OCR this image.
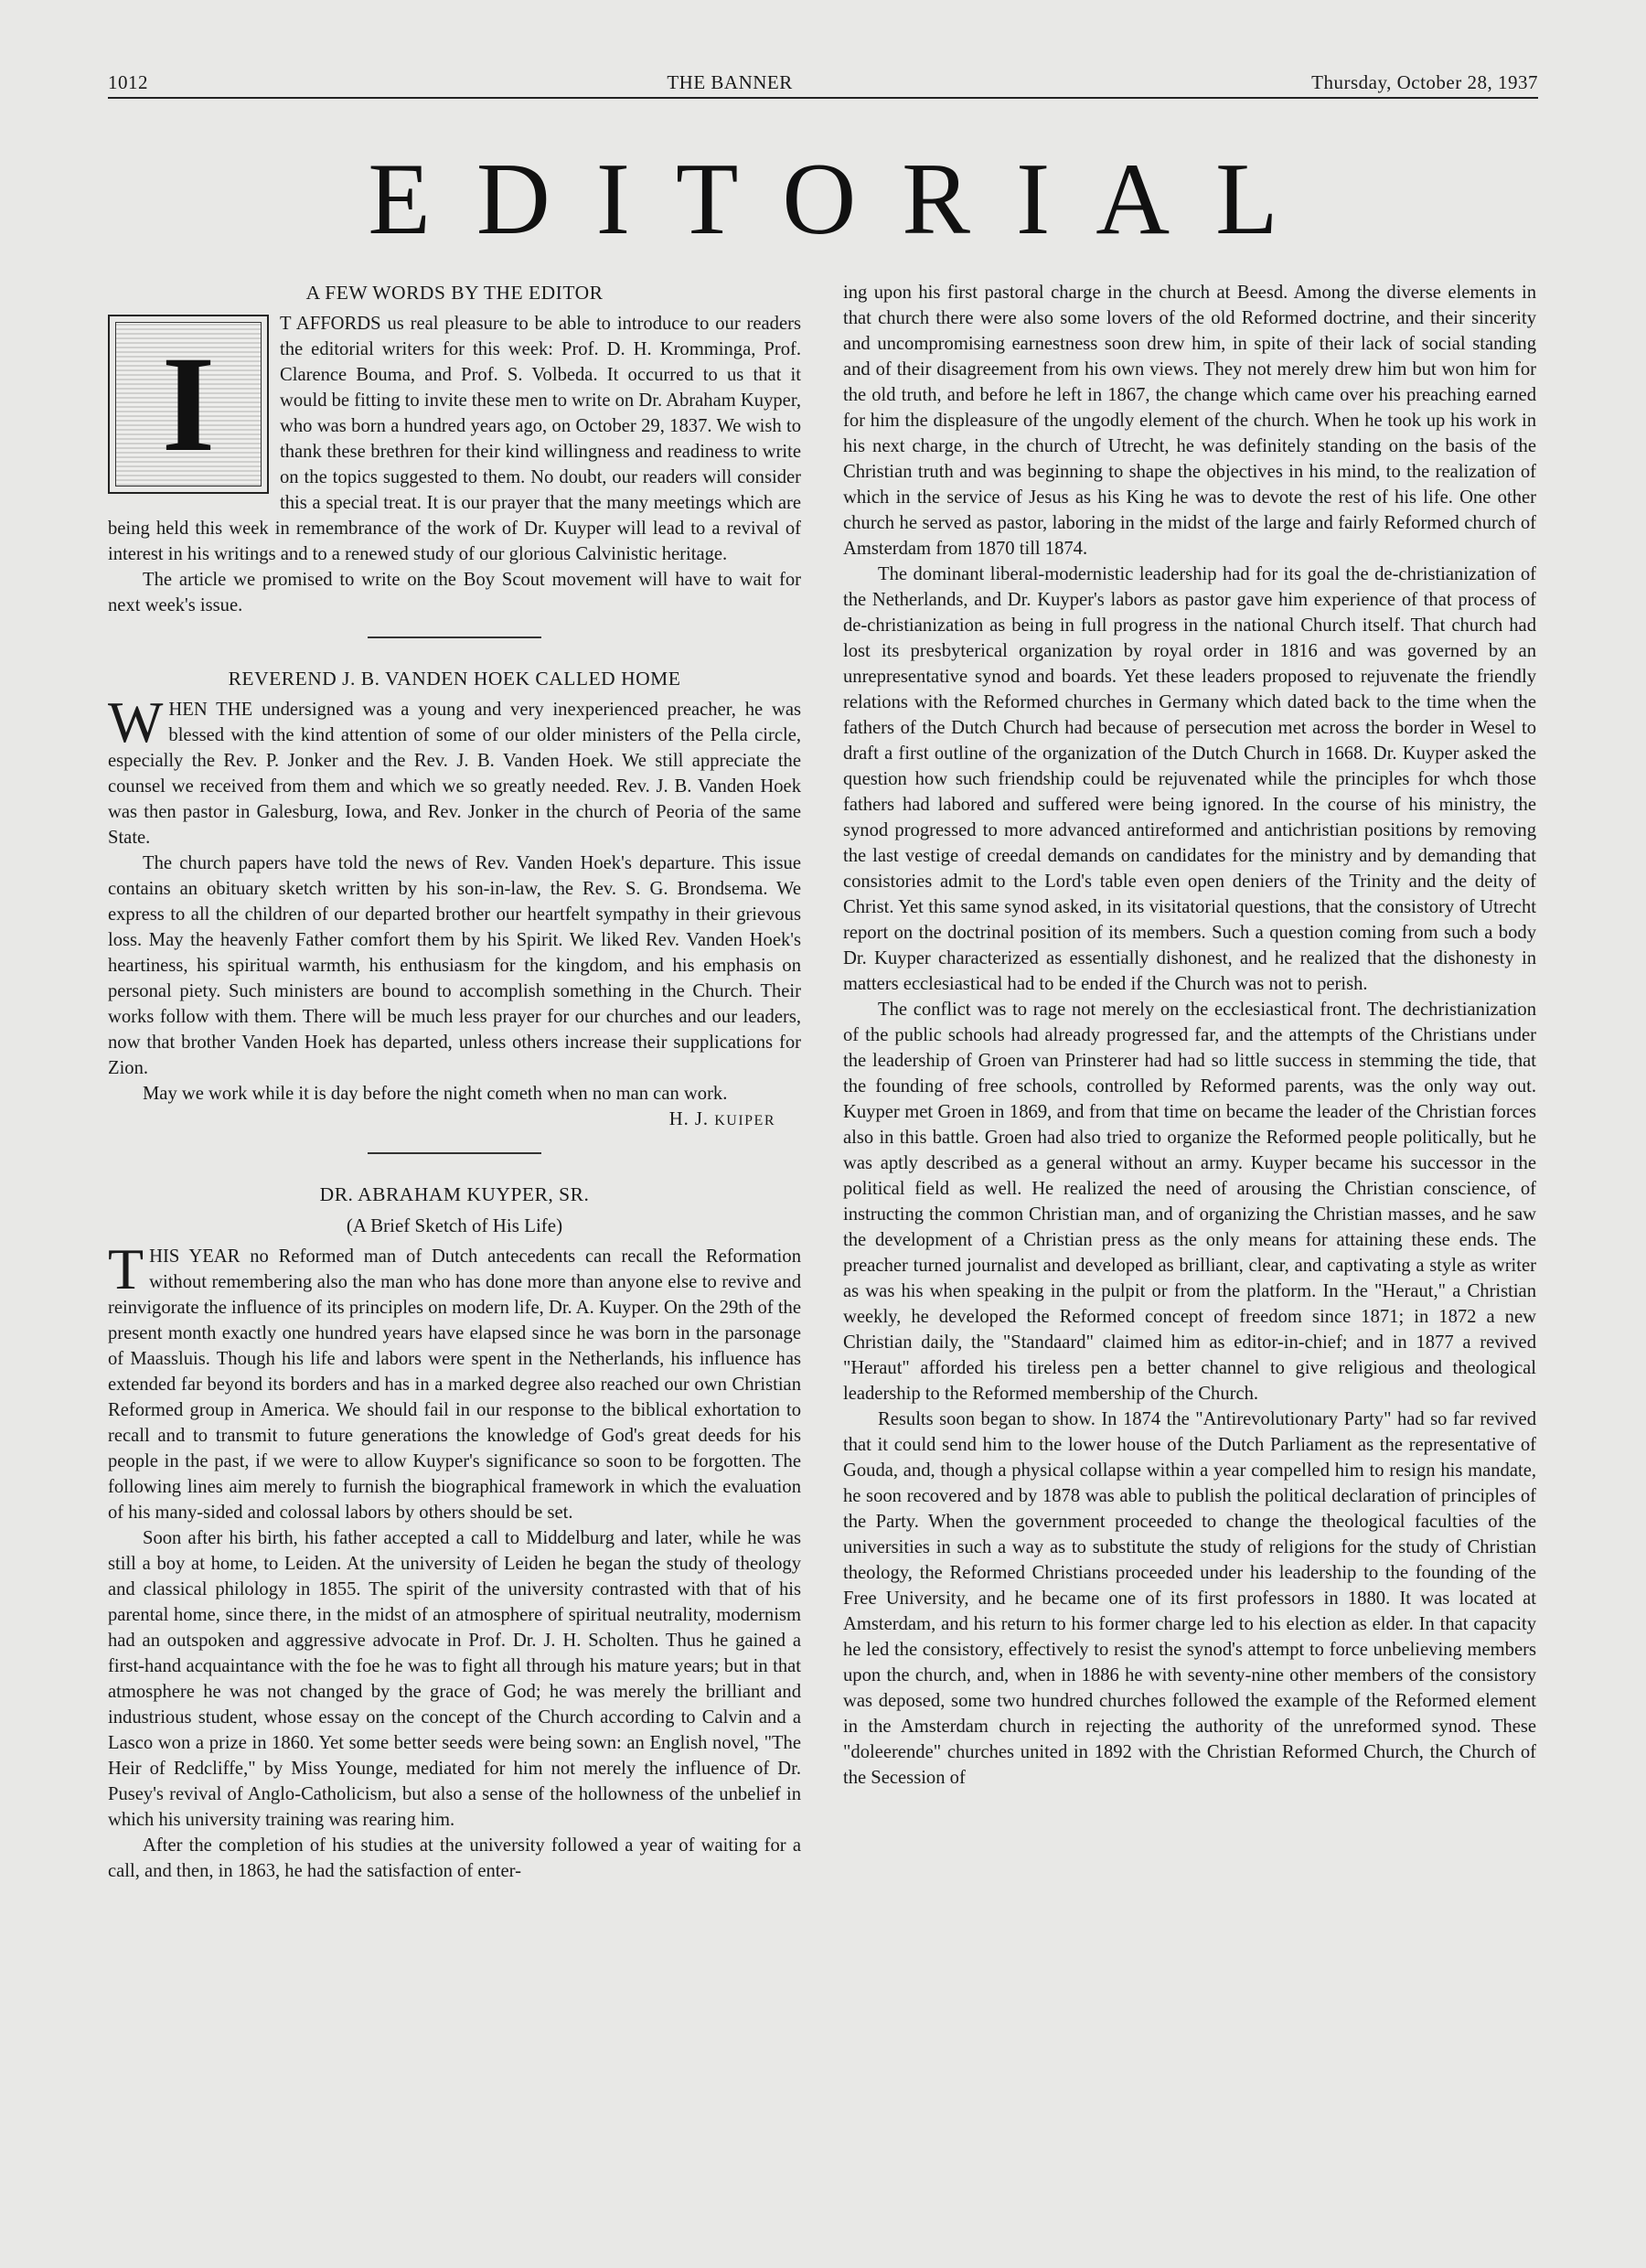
1012	THE BANNER	Thursday, October 28, 1937
EDITORIAL
A FEW WORDS BY THE EDITOR
I

T AFFORDS us real pleasure to be able to introduce to our readers the editorial writers for this week: Prof. D. H. Kromminga, Prof. Clarence Bouma, and Prof. S. Volbeda. It occurred to us that it would be fitting to invite these men to write on Dr. Abraham Kuyper, who was born a hundred years ago, on October 29, 1837. We wish to thank these brethren for their kind willingness and readiness to write on the topics suggested to them. No doubt, our readers will consider this a special treat. It is our prayer that the many meetings which are being held this week in remembrance of the work of Dr. Kuyper will lead to a revival of interest in his writings and to a renewed study of our glorious Calvinistic heritage.

The article we promised to write on the Boy Scout movement will have to wait for next week's issue.

REVEREND J. B. VANDEN HOEK CALLED HOME
W HEN THE undersigned was a young and very inexperienced preacher, he was blessed with the kind attention of some of our older ministers of the Pella circle, especially the Rev. P. Jonker and the Rev. J. B. Vanden Hoek. We still appreciate the counsel we received from them and which we so greatly needed. Rev. J. B. Vanden Hoek was then pastor in Galesburg, Iowa, and Rev. Jonker in the church of Peoria of the same State.

The church papers have told the news of Rev. Vanden Hoek's departure. This issue contains an obituary sketch written by his son-in-law, the Rev. S. G. Brondsema. We express to all the children of our departed brother our heartfelt sympathy in their grievous loss. May the heavenly Father comfort them by his Spirit. We liked Rev. Vanden Hoek's heartiness, his spiritual warmth, his enthusiasm for the kingdom, and his emphasis on personal piety. Such ministers are bound to accomplish something in the Church. Their works follow with them. There will be much less prayer for our churches and our leaders, now that brother Vanden Hoek has departed, unless others increase their supplications for Zion.

May we work while it is day before the night cometh when no man can work.

H. J. KUIPER
DR. ABRAHAM KUYPER, SR.
(A Brief Sketch of His Life)
T HIS YEAR no Reformed man of Dutch antecedents can recall the Reformation without remembering also the man who has done more than anyone else to revive and reinvigorate the influence of its principles on modern life, Dr. A. Kuyper. On the 29th of the present month exactly one hundred years have elapsed since he was born in the parsonage of Maassluis. Though his life and labors were spent in the Netherlands, his influence has extended far beyond its borders and has in a marked degree also reached our own Christian Reformed group in America. We should fail in our response to the biblical exhortation to recall and to transmit to future generations the knowledge of God's great deeds for his people in the past, if we were to allow Kuyper's significance so soon to be forgotten. The following lines aim merely to furnish the biographical framework in which the evaluation of his many-sided and colossal labors by others should be set.

Soon after his birth, his father accepted a call to Middelburg and later, while he was still a boy at home, to Leiden. At the university of Leiden he began the study of theology and classical philology in 1855. The spirit of the university contrasted with that of his parental home, since there, in the midst of an atmosphere of spiritual neutrality, modernism had an outspoken and aggressive advocate in Prof. Dr. J. H. Scholten. Thus he gained a first-hand acquaintance with the foe he was to fight all through his mature years; but in that atmosphere he was not changed by the grace of God; he was merely the brilliant and industrious student, whose essay on the concept of the Church according to Calvin and a Lasco won a prize in 1860. Yet some better seeds were being sown: an English novel, "The Heir of Redcliffe," by Miss Younge, mediated for him not merely the influence of Dr. Pusey's revival of Anglo-Catholicism, but also a sense of the hollowness of the unbelief in which his university training was rearing him.

After the completion of his studies at the university followed a year of waiting for a call, and then, in 1863, he had the satisfaction of enter-

ing upon his first pastoral charge in the church at Beesd. Among the diverse elements in that church there were also some lovers of the old Reformed doctrine, and their sincerity and uncompromising earnestness soon drew him, in spite of their lack of social standing and of their disagreement from his own views. They not merely drew him but won him for the old truth, and before he left in 1867, the change which came over his preaching earned for him the displeasure of the ungodly element of the church. When he took up his work in his next charge, in the church of Utrecht, he was definitely standing on the basis of the Christian truth and was beginning to shape the objectives in his mind, to the realization of which in the service of Jesus as his King he was to devote the rest of his life. One other church he served as pastor, laboring in the midst of the large and fairly Reformed church of Amsterdam from 1870 till 1874.

The dominant liberal-modernistic leadership had for its goal the de-christianization of the Netherlands, and Dr. Kuyper's labors as pastor gave him experience of that process of de-christianization as being in full progress in the national Church itself. That church had lost its presbyterical organization by royal order in 1816 and was governed by an unrepresentative synod and boards. Yet these leaders proposed to rejuvenate the friendly relations with the Reformed churches in Germany which dated back to the time when the fathers of the Dutch Church had because of persecution met across the border in Wesel to draft a first outline of the organization of the Dutch Church in 1668. Dr. Kuyper asked the question how such friendship could be rejuvenated while the principles for whch those fathers had labored and suffered were being ignored. In the course of his ministry, the synod progressed to more advanced antireformed and antichristian positions by removing the last vestige of creedal demands on candidates for the ministry and by demanding that consistories admit to the Lord's table even open deniers of the Trinity and the deity of Christ. Yet this same synod asked, in its visitatorial questions, that the consistory of Utrecht report on the doctrinal position of its members. Such a question coming from such a body Dr. Kuyper characterized as essentially dishonest, and he realized that the dishonesty in matters ecclesiastical had to be ended if the Church was not to perish.

The conflict was to rage not merely on the ecclesiastical front. The dechristianization of the public schools had already progressed far, and the attempts of the Christians under the leadership of Groen van Prinsterer had had so little success in stemming the tide, that the founding of free schools, controlled by Reformed parents, was the only way out. Kuyper met Groen in 1869, and from that time on became the leader of the Christian forces also in this battle. Groen had also tried to organize the Reformed people politically, but he was aptly described as a general without an army. Kuyper became his successor in the political field as well. He realized the need of arousing the Christian conscience, of instructing the common Christian man, and of organizing the Christian masses, and he saw the development of a Christian press as the only means for attaining these ends. The preacher turned journalist and developed as brilliant, clear, and captivating a style as writer as was his when speaking in the pulpit or from the platform. In the "Heraut," a Christian weekly, he developed the Reformed concept of freedom since 1871; in 1872 a new Christian daily, the "Standaard" claimed him as editor-in-chief; and in 1877 a revived "Heraut" afforded his tireless pen a better channel to give religious and theological leadership to the Reformed membership of the Church.

Results soon began to show. In 1874 the "Antirevolutionary Party" had so far revived that it could send him to the lower house of the Dutch Parliament as the representative of Gouda, and, though a physical collapse within a year compelled him to resign his mandate, he soon recovered and by 1878 was able to publish the political declaration of principles of the Party. When the government proceeded to change the theological faculties of the universities in such a way as to substitute the study of religions for the study of Christian theology, the Reformed Christians proceeded under his leadership to the founding of the Free University, and he became one of its first professors in 1880. It was located at Amsterdam, and his return to his former charge led to his election as elder. In that capacity he led the consistory, effectively to resist the synod's attempt to force unbelieving members upon the church, and, when in 1886 he with seventy-nine other members of the consistory was deposed, some two hundred churches followed the example of the Reformed element in the Amsterdam church in rejecting the authority of the unreformed synod. These "doleerende" churches united in 1892 with the Christian Reformed Church, the Church of the Secession of
